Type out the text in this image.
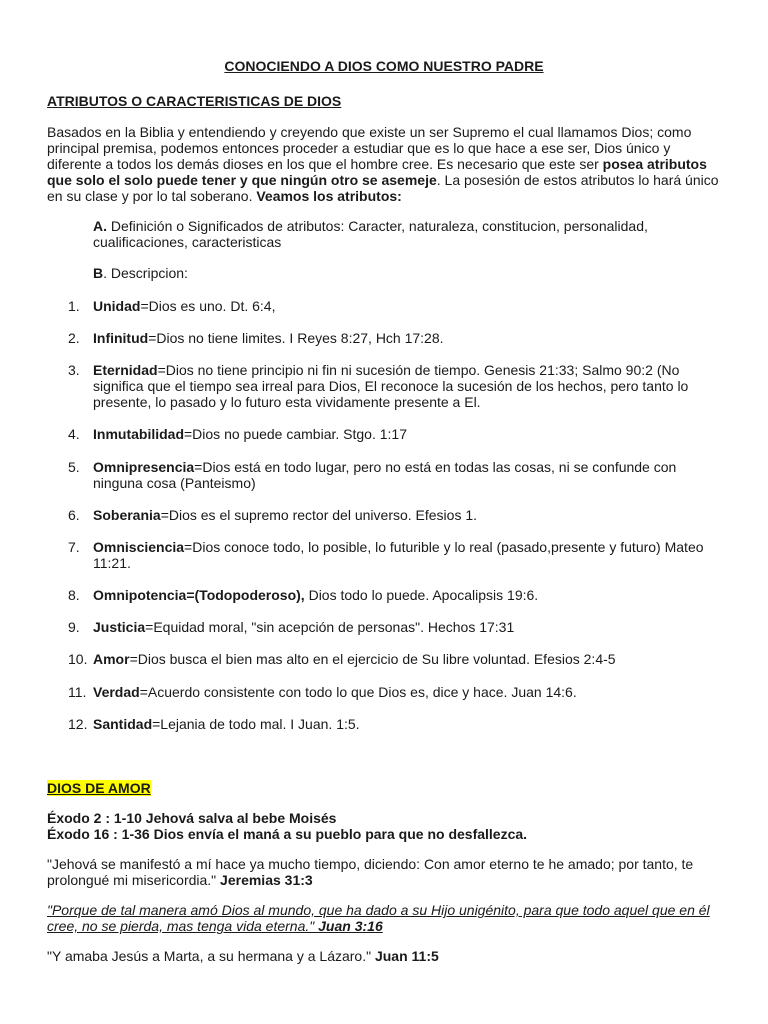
CONOCIENDO A DIOS COMO NUESTRO PADRE
ATRIBUTOS O CARACTERISTICAS DE DIOS
Basados en la Biblia y entendiendo y creyendo que existe un ser Supremo el cual llamamos Dios; como principal premisa, podemos entonces proceder a estudiar que es lo que hace a ese ser, Dios único y diferente a todos los demás dioses en los que el hombre cree. Es necesario que este ser posea atributos que solo el solo puede tener y que ningún otro se asemeje. La posesión de estos atributos lo hará único en su clase y por lo tal soberano. Veamos los atributos:
A. Definición o Significados de atributos: Caracter, naturaleza, constitucion, personalidad, cualificaciones, caracteristicas
B. Descripcion:
1. Unidad=Dios es uno. Dt. 6:4,
2. Infinitud=Dios no tiene limites. I Reyes 8:27, Hch 17:28.
3. Eternidad=Dios no tiene principio ni fin ni sucesión de tiempo. Genesis 21:33; Salmo 90:2 (No significa que el tiempo sea irreal para Dios, El reconoce la sucesión de los hechos, pero tanto lo presente, lo pasado y lo futuro esta vividamente presente a El.
4. Inmutabilidad=Dios no puede cambiar. Stgo. 1:17
5. Omnipresencia=Dios está en todo lugar, pero no está en todas las cosas, ni se confunde con ninguna cosa (Panteismo)
6. Soberania=Dios es el supremo rector del universo. Efesios 1.
7. Omnisciencia=Dios conoce todo, lo posible, lo futurible y lo real (pasado,presente y futuro) Mateo 11:21.
8. Omnipotencia=(Todopoderoso), Dios todo lo puede. Apocalipsis 19:6.
9. Justicia=Equidad moral, "sin acepción de personas". Hechos 17:31
10. Amor=Dios busca el bien mas alto en el ejercicio de Su libre voluntad. Efesios 2:4-5
11. Verdad=Acuerdo consistente con todo lo que Dios es, dice y hace. Juan 14:6.
12. Santidad=Lejania de todo mal. I Juan. 1:5.
DIOS DE AMOR
Éxodo 2 : 1-10 Jehová salva al bebe Moisés
Éxodo 16 : 1-36 Dios envía el maná a su pueblo para que no desfallezca.
"Jehová se manifestó a mí hace ya mucho tiempo, diciendo: Con amor eterno te he amado; por tanto, te prolongué mi misericordia." Jeremias 31:3
"Porque de tal manera amó Dios al mundo, que ha dado a su Hijo unigénito, para que todo aquel que en él cree, no se pierda, mas tenga vida eterna." Juan 3:16
"Y amaba Jesús a Marta, a su hermana y a Lázaro." Juan 11:5
